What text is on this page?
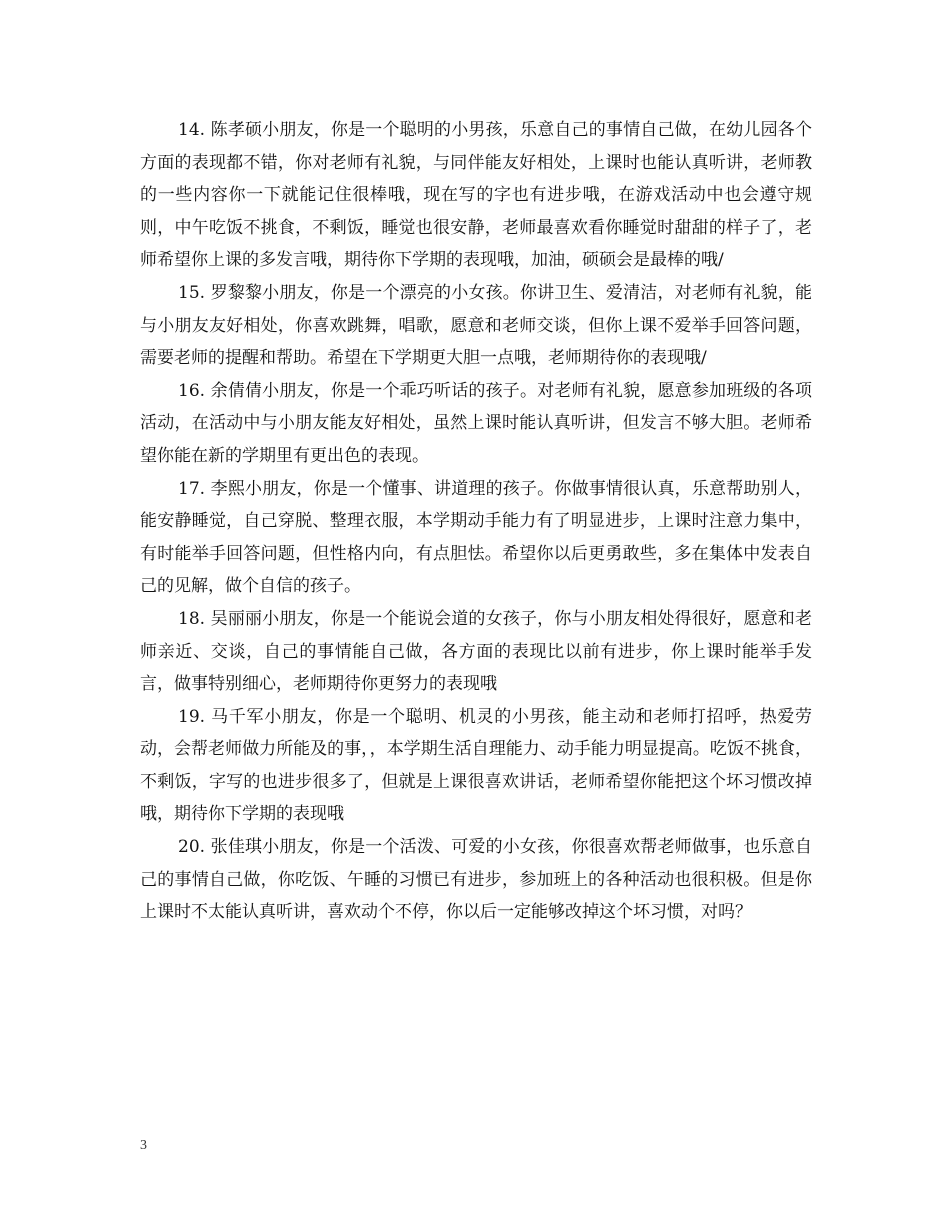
14. 陈孝硕小朋友，你是一个聪明的小男孩，乐意自己的事情自己做，在幼儿园各个方面的表现都不错，你对老师有礼貌，与同伴能友好相处，上课时也能认真听讲，老师教的一些内容你一下就能记住很棒哦，现在写的字也有进步哦，在游戏活动中也会遵守规则，中午吃饭不挑食，不剩饭，睡觉也很安静，老师最喜欢看你睡觉时甜甜的样子了，老师希望你上课的多发言哦，期待你下学期的表现哦，加油，硕硕会是最棒的哦/

15. 罗黎黎小朋友，你是一个漂亮的小女孩。你讲卫生、爱清洁，对老师有礼貌，能与小朋友友好相处，你喜欢跳舞，唱歌，愿意和老师交谈，但你上课不爱举手回答问题，需要老师的提醒和帮助。希望在下学期更大胆一点哦，老师期待你的表现哦/

16. 余倩倩小朋友，你是一个乖巧听话的孩子。对老师有礼貌，愿意参加班级的各项活动，在活动中与小朋友能友好相处，虽然上课时能认真听讲，但发言不够大胆。老师希望你能在新的学期里有更出色的表现。

17. 李熙小朋友，你是一个懂事、讲道理的孩子。你做事情很认真，乐意帮助别人，能安静睡觉，自己穿脱、整理衣服，本学期动手能力有了明显进步，上课时注意力集中，有时能举手回答问题，但性格内向，有点胆怯。希望你以后更勇敢些，多在集体中发表自己的见解，做个自信的孩子。

18. 吴丽丽小朋友，你是一个能说会道的女孩子，你与小朋友相处得很好，愿意和老师亲近、交谈，自己的事情能自己做，各方面的表现比以前有进步，你上课时能举手发言，做事特别细心，老师期待你更努力的表现哦

19. 马千军小朋友，你是一个聪明、机灵的小男孩，能主动和老师打招呼，热爱劳动，会帮老师做力所能及的事，，本学期生活自理能力、动手能力明显提高。吃饭不挑食，不剩饭，字写的也进步很多了，但就是上课很喜欢讲话，老师希望你能把这个坏习惯改掉哦，期待你下学期的表现哦

20. 张佳琪小朋友，你是一个活泼、可爱的小女孩，你很喜欢帮老师做事，也乐意自己的事情自己做，你吃饭、午睡的习惯已有进步，参加班上的各种活动也很积极。但是你上课时不太能认真听讲，喜欢动个不停，你以后一定能够改掉这个坏习惯，对吗？

3
